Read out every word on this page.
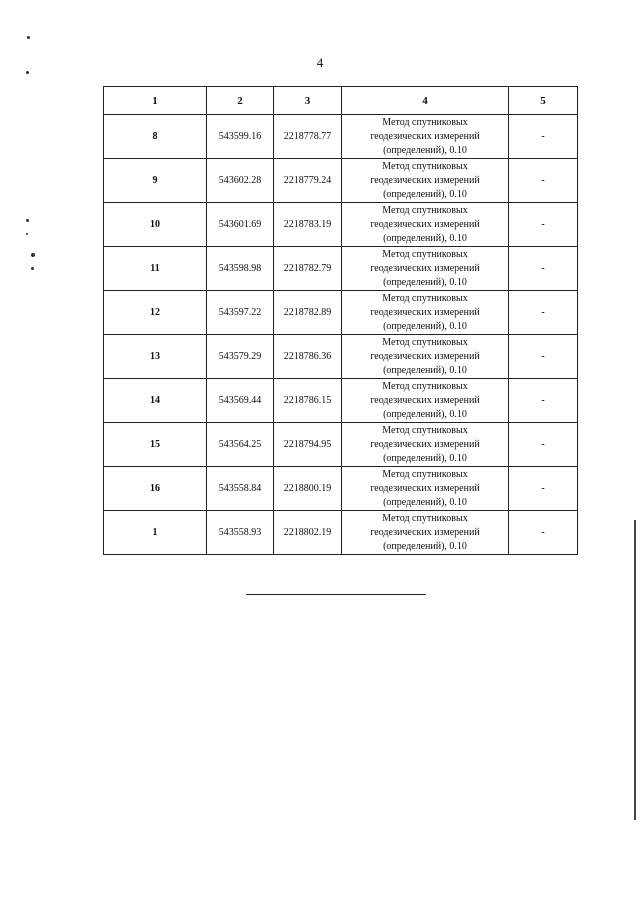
4
1	2	3	4	5
8	543599.16	2218778.77	Метод спутниковых
геодезических измерений
(определений), 0.10	-
9	543602.28	2218779.24	Метод спутниковых
геодезических измерений
(определений), 0.10	-
10	543601.69	2218783.19	Метод спутниковых
геодезических измерений
(определений), 0.10	-
11	543598.98	2218782.79	Метод спутниковых
геодезических измерений
(определений), 0.10	-
12	543597.22	2218782.89	Метод спутниковых
геодезических измерений
(определений), 0.10	-
13	543579.29	2218786.36	Метод спутниковых
геодезических измерений
(определений), 0.10	-
14	543569.44	2218786.15	Метод спутниковых
геодезических измерений
(определений), 0.10	-
15	543564.25	2218794.95	Метод спутниковых
геодезических измерений
(определений), 0.10	-
16	543558.84	2218800.19	Метод спутниковых
геодезических измерений
(определений), 0.10	-
1	543558.93	2218802.19	Метод спутниковых
геодезических измерений
(определений), 0.10	-
